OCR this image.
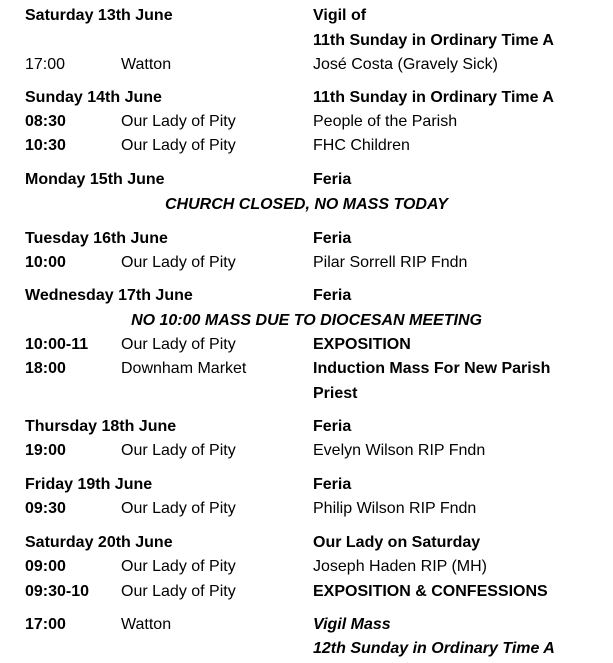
Saturday 13th June	Vigil of
11th Sunday in Ordinary Time A
17:00	Watton	José Costa (Gravely Sick)
Sunday 14th June	11th Sunday in Ordinary Time A
08:30	Our Lady of Pity	People of the Parish
10:30	Our Lady of Pity	FHC Children
Monday 15th June	Feria
CHURCH CLOSED, NO MASS TODAY
Tuesday 16th June	Feria
10:00	Our Lady of Pity	Pilar Sorrell RIP Fndn
Wednesday 17th June	Feria
NO 10:00 MASS DUE TO DIOCESAN MEETING
10:00-11 Our Lady of Pity	EXPOSITION
18:00	Downham Market	Induction Mass For New Parish
Priest
Thursday 18th June	Feria
19:00	Our Lady of Pity	Evelyn Wilson RIP Fndn
Friday 19th June	Feria
09:30	Our Lady of Pity	Philip Wilson RIP Fndn
Saturday 20th June	Our Lady on Saturday
09:00	Our Lady of Pity	Joseph Haden RIP (MH)
09:30-10 Our Lady of Pity	EXPOSITION & CONFESSIONS
17:00	Watton	Vigil Mass
12th Sunday in Ordinary Time A
